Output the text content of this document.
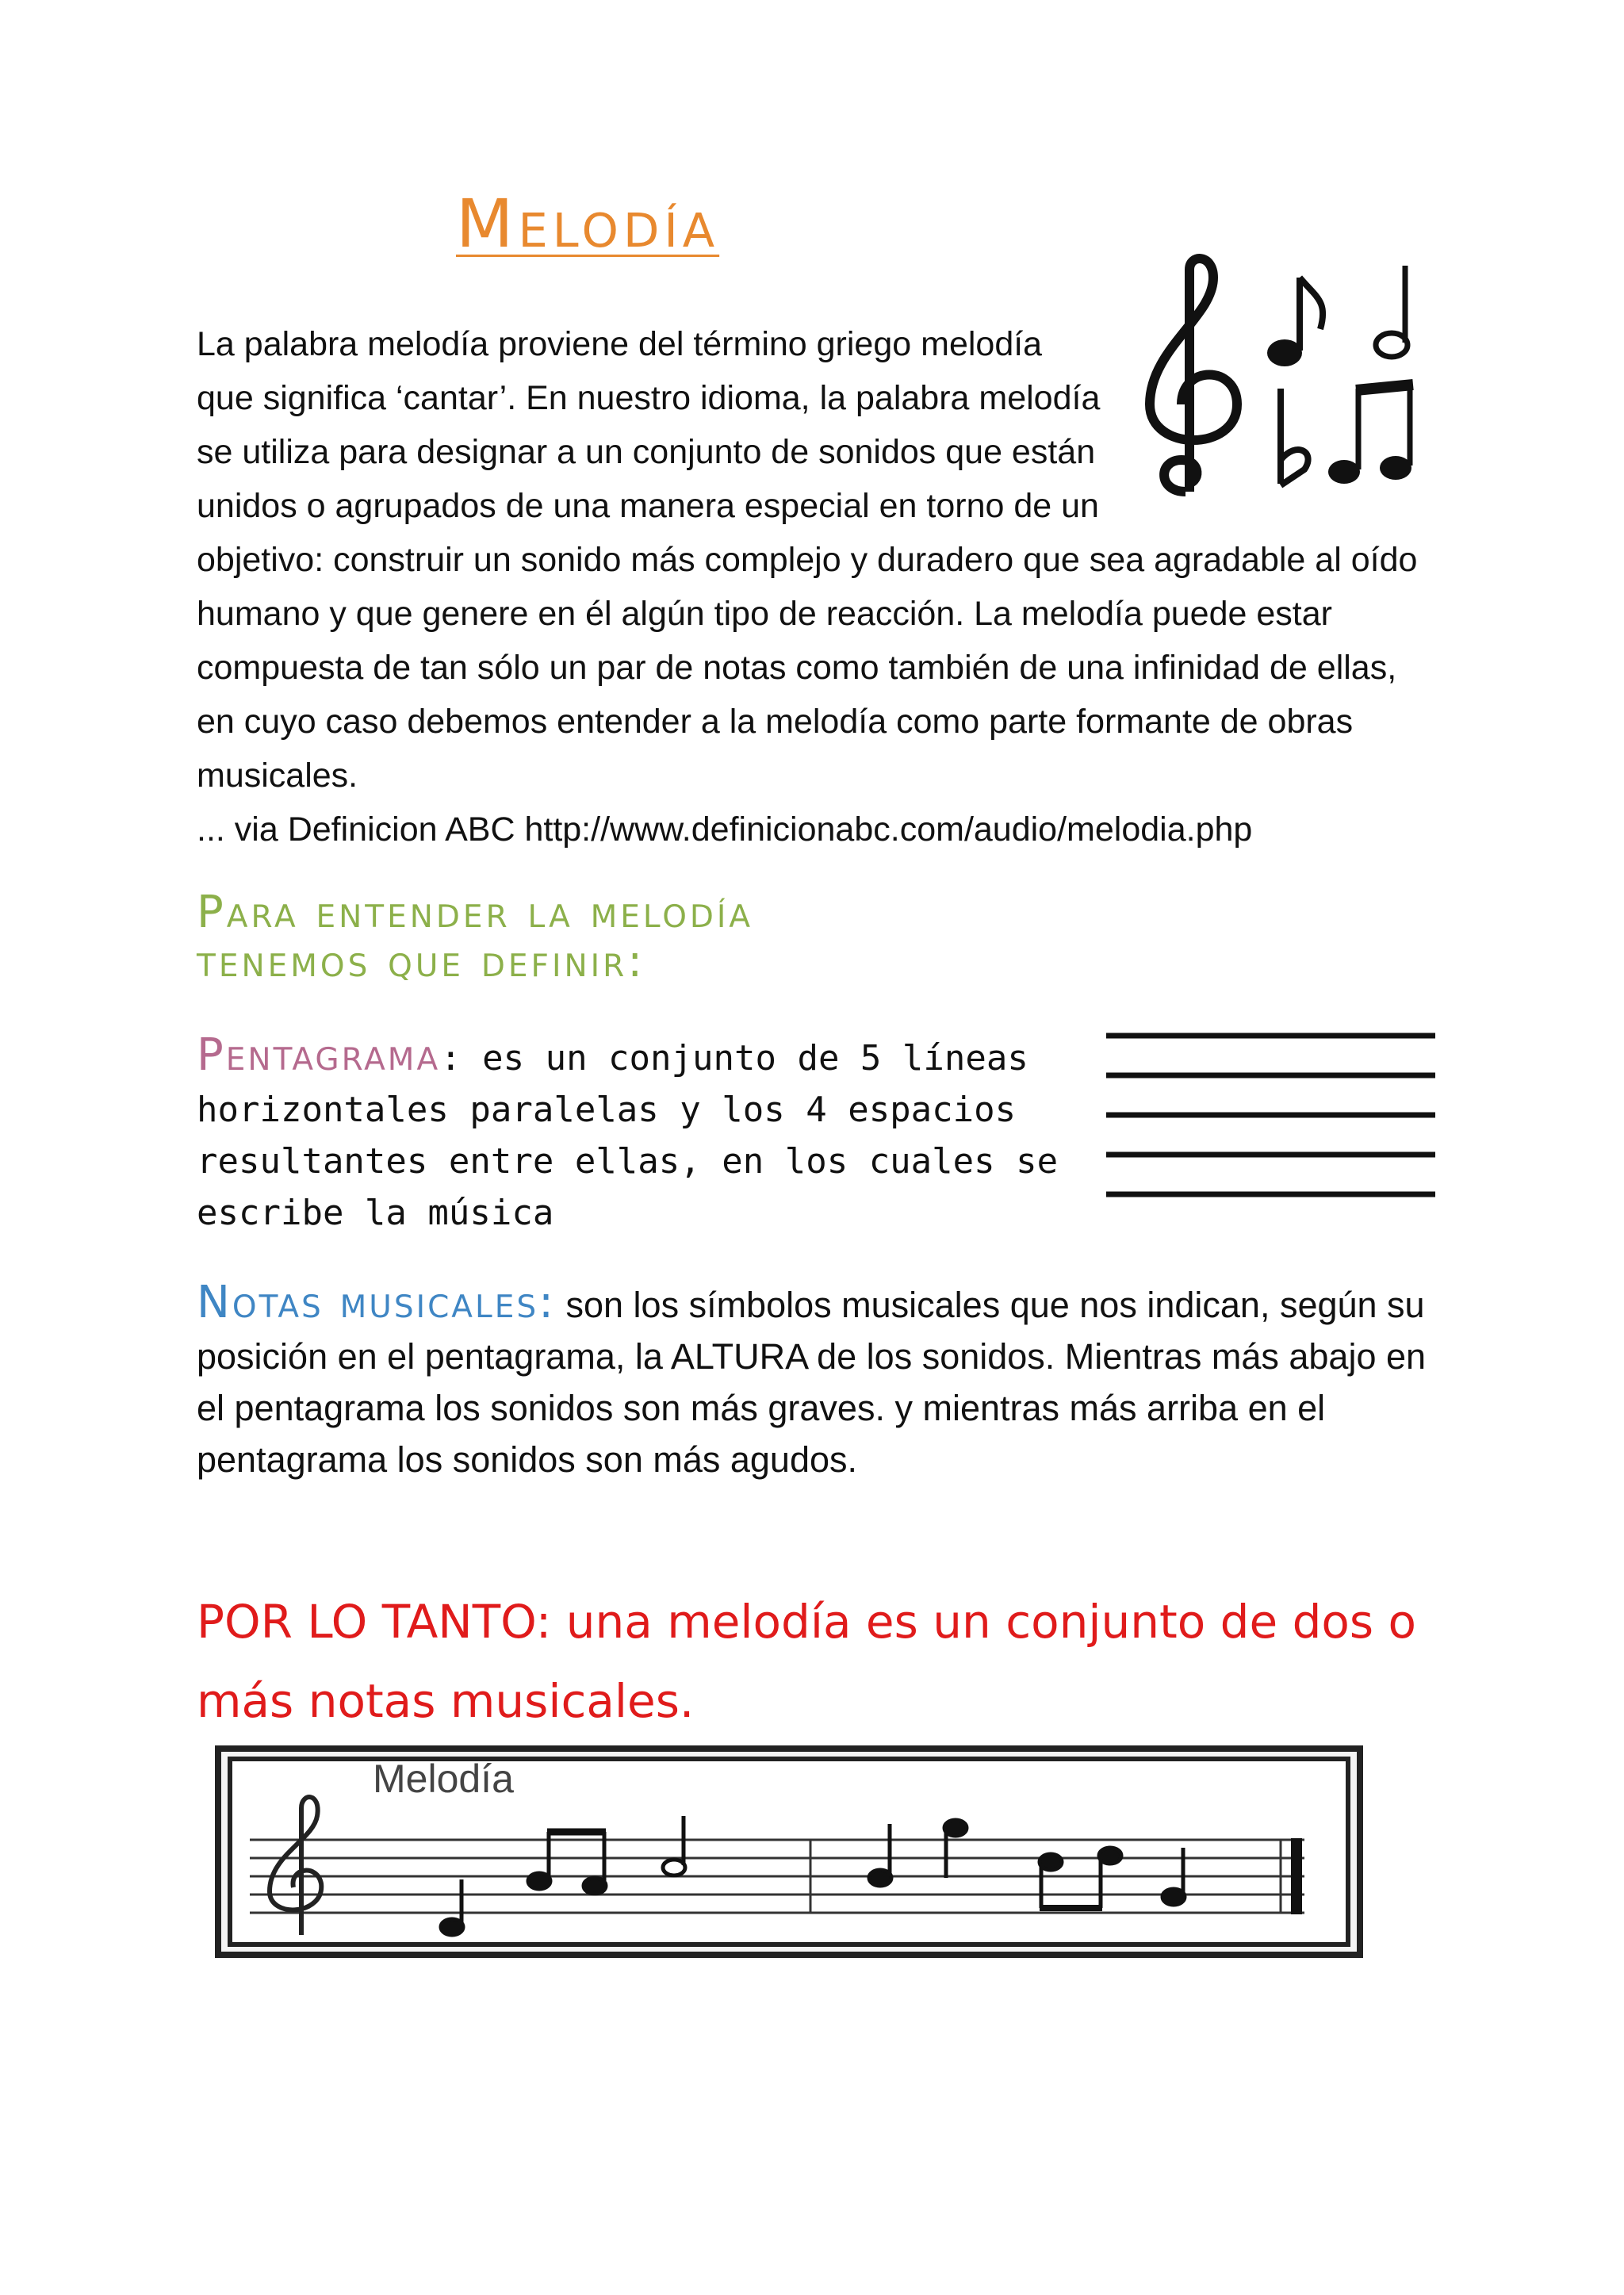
Melodía
La palabra melodía proviene del término griego melodía que significa ‘cantar’. En nuestro idioma, la palabra melodía se utiliza para designar a un conjunto de sonidos que están unidos o agrupados de una manera especial en torno de un objetivo: construir un sonido más complejo y duradero que sea agradable al oído humano y que genere en él algún tipo de reacción. La melodía puede estar compuesta de tan sólo un par de notas como también de una infinidad de ellas, en cuyo caso debemos entender a la melodía como parte formante de obras musicales.
... via Definicion ABC http://www.definicionabc.com/audio/melodia.php
Para entender la melodía
tenemos que definir:
Pentagrama: es un conjunto de 5 líneas horizontales paralelas y los 4 espacios resultantes entre ellas, en los cuales se escribe la música
Notas musicales: son los símbolos musicales que nos indican, según su posición en el pentagrama, la ALTURA de los sonidos. Mientras más abajo en el pentagrama los sonidos son más graves. y mientras más arriba en el pentagrama los sonidos son más agudos.
POR LO TANTO: una melodía es un conjunto de dos o más notas musicales.
Melodía
